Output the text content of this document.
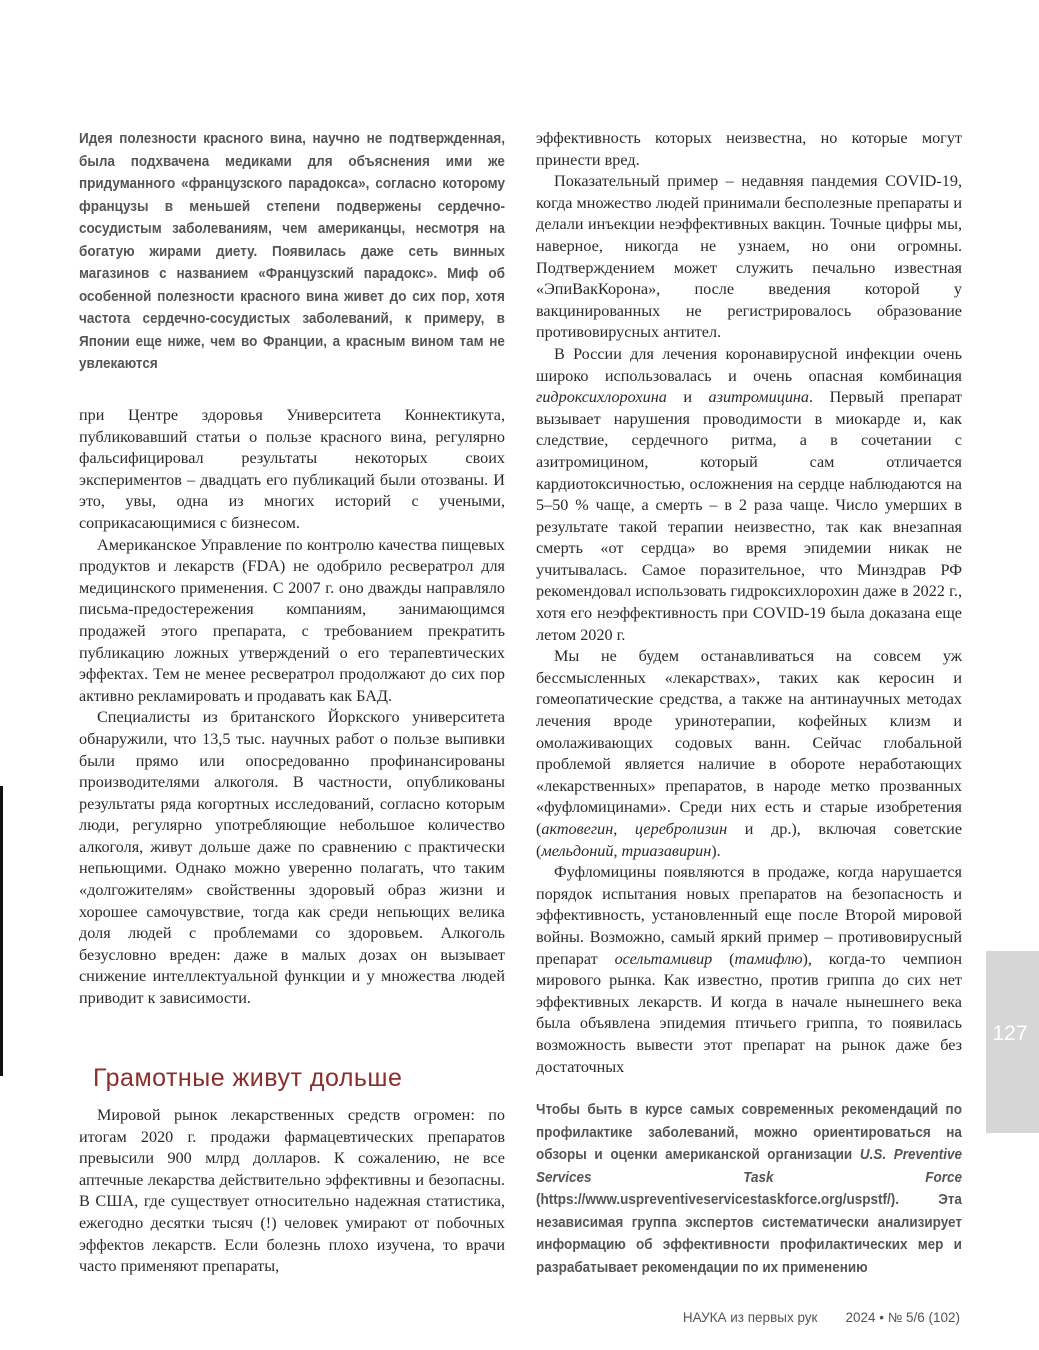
Идея полезности красного вина, научно не подтвержденная, была подхвачена медиками для объяснения ими же придуманного «французского парадокса», согласно которому французы в меньшей степени подвержены сердечно-сосудистым заболеваниям, чем американцы, несмотря на богатую жирами диету. Появилась даже сеть винных магазинов с названием «Французский парадокс». Миф об особенной полезности красного вина живет до сих пор, хотя частота сердечно-сосудистых заболеваний, к примеру, в Японии еще ниже, чем во Франции, а красным вином там не увлекаются

при Центре здоровья Университета Коннектикута, публиковавший статьи о пользе красного вина, регулярно фальсифицировал результаты некоторых своих экспериментов – двадцать его публикаций были отозваны. И это, увы, одна из многих историй с учеными, соприкасающимися с бизнесом.

Американское Управление по контролю качества пищевых продуктов и лекарств (FDA) не одобрило ресвератрол для медицинского применения. С 2007 г. оно дважды направляло письма-предостережения компаниям, занимающимся продажей этого препарата, с требованием прекратить публикацию ложных утверждений о его терапевтических эффектах. Тем не менее ресвератрол продолжают до сих пор активно рекламировать и продавать как БАД.

Специалисты из британского Йоркского университета обнаружили, что 13,5 тыс. научных работ о пользе выпивки были прямо или опосредованно профинансированы производителями алкоголя. В частности, опубликованы результаты ряда когортных исследований, согласно которым люди, регулярно употребляющие небольшое количество алкоголя, живут дольше даже по сравнению с практически непьющими. Однако можно уверенно полагать, что таким «долгожителям» свойственны здоровый образ жизни и хорошее самочувствие, тогда как среди непьющих велика доля людей с проблемами со здоровьем. Алкоголь безусловно вреден: даже в малых дозах он вызывает снижение интеллектуальной функции и у множества людей приводит к зависимости.

Грамотные живут дольше

Мировой рынок лекарственных средств огромен: по итогам 2020 г. продажи фармацевтических препаратов превысили 900 млрд долларов. К сожалению, не все аптечные лекарства действительно эффективны и безопасны. В США, где существует относительно надежная статистика, ежегодно десятки тысяч (!) человек умирают от побочных эффектов лекарств. Если болезнь плохо изучена, то врачи часто применяют препараты,

эффективность которых неизвестна, но которые могут принести вред.

Показательный пример – недавняя пандемия COVID-19, когда множество людей принимали бесполезные препараты и делали инъекции неэффективных вакцин. Точные цифры мы, наверное, никогда не узнаем, но они огромны. Подтверждением может служить печально известная «ЭпиВакКорона», после введения которой у вакцинированных не регистрировалось образование противовирусных антител.

В России для лечения коронавирусной инфекции очень широко использовалась и очень опасная комбинация гидроксихлорохина и азитромицина. Первый препарат вызывает нарушения проводимости в миокарде и, как следствие, сердечного ритма, а в сочетании с азитромицином, который сам отличается кардиотоксичностью, осложнения на сердце наблюдаются на 5–50 % чаще, а смерть – в 2 раза чаще. Число умерших в результате такой терапии неизвестно, так как внезапная смерть «от сердца» во время эпидемии никак не учитывалась. Самое поразительное, что Минздрав РФ рекомендовал использовать гидроксихлорохин даже в 2022 г., хотя его неэффективность при COVID-19 была доказана еще летом 2020 г.

Мы не будем останавливаться на совсем уж бессмысленных «лекарствах», таких как керосин и гомеопатические средства, а также на антинаучных методах лечения вроде уринотерапии, кофейных клизм и омолаживающих содовых ванн. Сейчас глобальной проблемой является наличие в обороте неработающих «лекарственных» препаратов, в народе метко прозванных «фуфломицинами». Среди них есть и старые изобретения (актовегин, церебролизин и др.), включая советские (мельдоний, триазавирин).

Фуфломицины появляются в продаже, когда нарушается порядок испытания новых препаратов на безопасность и эффективность, установленный еще после Второй мировой войны. Возможно, самый яркий пример – противовирусный препарат осельтамивир (тамифлю), когда-то чемпион мирового рынка. Как известно, против гриппа до сих нет эффективных лекарств. И когда в начале нынешнего века была объявлена эпидемия птичьего гриппа, то появилась возможность вывести этот препарат на рынок даже без достаточных

Чтобы быть в курсе самых современных рекомендаций по профилактике заболеваний, можно ориентироваться на обзоры и оценки американской организации U.S. Preventive Services Task Force (https://www.uspreventiveservicestaskforce.org/uspstf/). Эта независимая группа экспертов систематически анализирует информацию об эффективности профилактических мер и разрабатывает рекомендации по их применению

127
НАУКА из первых рук 2024 • № 5/6 (102)
